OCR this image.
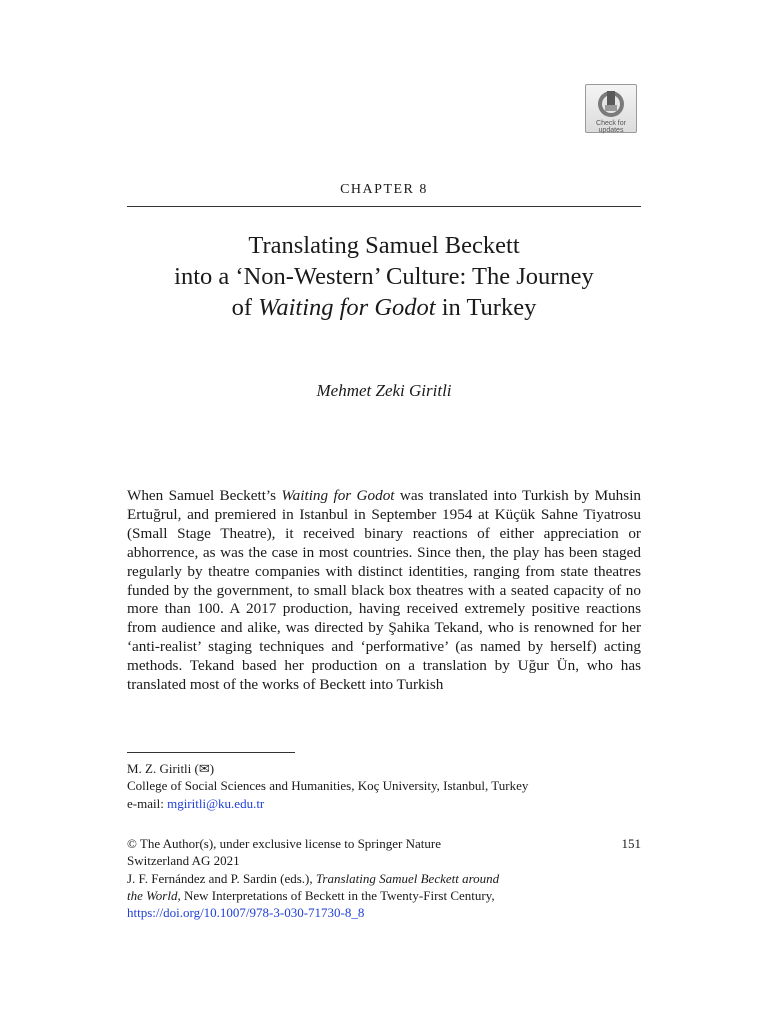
Check for
updates
CHAPTER 8
Translating Samuel Beckett
into a ‘Non-Western’ Culture: The Journey
of Waiting for Godot in Turkey
Mehmet Zeki Giritli

When Samuel Beckett’s Waiting for Godot was translated into Turkish by Muhsin Ertuğrul, and premiered in Istanbul in September 1954 at Küçük Sahne Tiyatrosu (Small Stage Theatre), it received binary reactions of either appreciation or abhorrence, as was the case in most countries. Since then, the play has been staged regularly by theatre companies with distinct identities, ranging from state theatres funded by the government, to small black box theatres with a seated capacity of no more than 100. A 2017 production, having received extremely positive reactions from audience and alike, was directed by Şahika Tekand, who is renowned for her ‘anti-realist’ staging techniques and ‘performative’ (as named by herself) acting methods. Tekand based her production on a translation by Uğur Ün, who has translated most of the works of Beckett into Turkish

M. Z. Giritli (✉)
College of Social Sciences and Humanities, Koç University, Istanbul, Turkey
e-mail: mgiritli@ku.edu.tr
© The Author(s), under exclusive license to Springer Nature	151
Switzerland AG 2021
J. F. Fernández and P. Sardin (eds.), Translating Samuel Beckett around
the World, New Interpretations of Beckett in the Twenty-First Century,
https://doi.org/10.1007/978-3-030-71730-8_8
